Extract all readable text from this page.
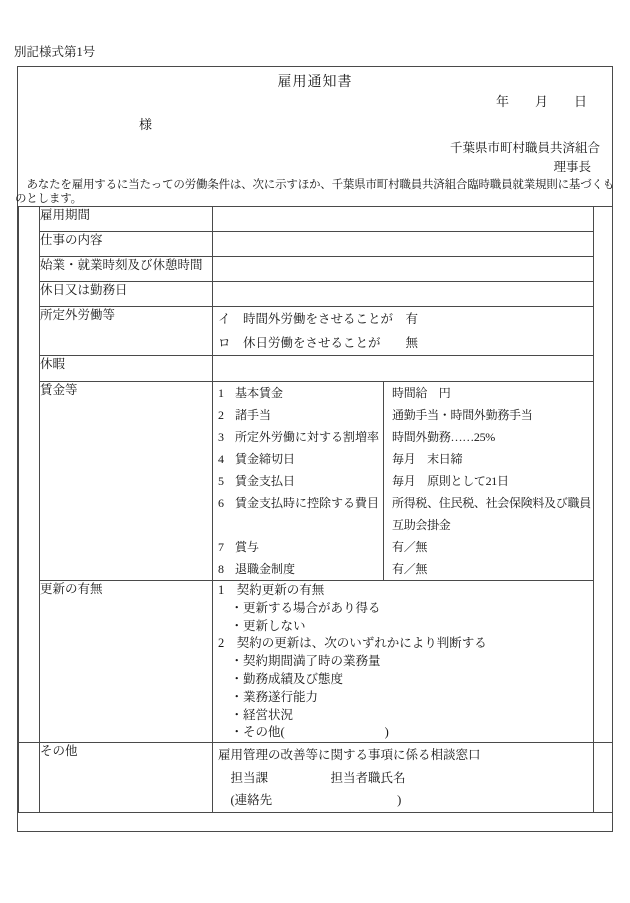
別記様式第1号
雇用通知書
年　　月　　日
様
千葉県市町村職員共済組合
理事長
あなたを雇用するに当たっての労働条件は、次に示すほか、千葉県市町村職員共済組合臨時職員就業規則に基づくものとします。
	雇用期間		
	仕事の内容		
	始業・就業時刻及び休憩時間		
	休日又は勤務日		
	所定外労働等	イ　時間外労働をさせることが　有
ロ　休日労働をさせることが　　無	

	休暇		
賃金等	1 基本賃金	時間給　円
2 諸手当	通勤手当・時間外勤務手当
3 所定外労働に対する割増率	時間外勤務……25%
4 賃金締切日	毎月　末日締
5 賃金支払日	毎月　原則として21日
6 賃金支払時に控除する費目	所得税、住民税、社会保険料及び職員互助会掛金
7 賞与	有／無
8 退職金制度	有／無

更新の有無	1　契約更新の有無
　・更新する場合があり得る
　・更新しない
2　契約の更新は、次のいずれかにより判断する
　・契約期間満了時の業務量
　・勤務成績及び態度
　・業務遂行能力
　・経営状況
　・その他(　　　　　　　　)

	その他	雇用管理の改善等に関する事項に係る相談窓口
　担当課　　　　　担当者職氏名
　(連絡先　　　　　　　　　　)	
